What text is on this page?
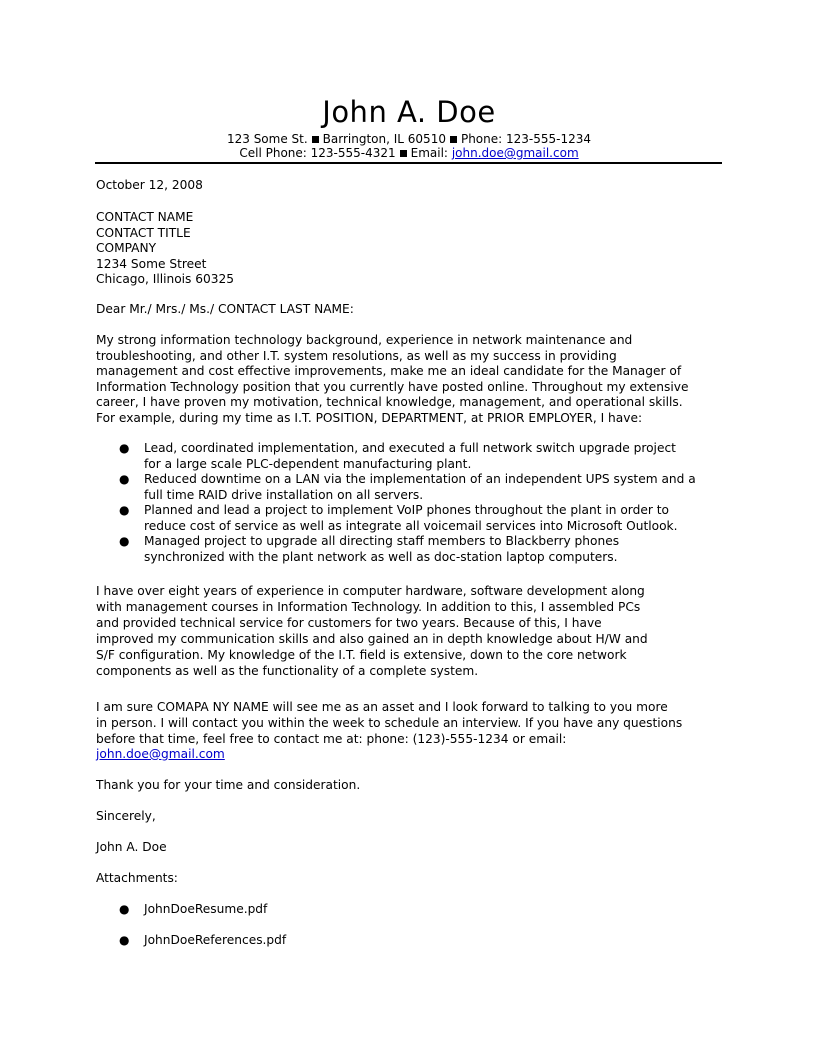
John A. Doe
123 Some St. Barrington, IL 60510 Phone: 123-555-1234
Cell Phone: 123-555-4321 Email: john.doe@gmail.com
October 12, 2008
CONTACT NAME
CONTACT TITLE
COMPANY
1234 Some Street
Chicago, Illinois 60325
Dear Mr./ Mrs./ Ms./ CONTACT LAST NAME:
My strong information technology background, experience in network maintenance and
troubleshooting, and other I.T. system resolutions, as well as my success in providing
management and cost effective improvements, make me an ideal candidate for the Manager of
Information Technology position that you currently have posted online. Throughout my extensive
career, I have proven my motivation, technical knowledge, management, and operational skills.
For example, during my time as I.T. POSITION, DEPARTMENT, at PRIOR EMPLOYER, I have:
● Lead, coordinated implementation, and executed a full network switch upgrade project
for a large scale PLC-dependent manufacturing plant.
● Reduced downtime on a LAN via the implementation of an independent UPS system and a
full time RAID drive installation on all servers.
● Planned and lead a project to implement VoIP phones throughout the plant in order to
reduce cost of service as well as integrate all voicemail services into Microsoft Outlook.
● Managed project to upgrade all directing staff members to Blackberry phones
synchronized with the plant network as well as doc-station laptop computers.
I have over eight years of experience in computer hardware, software development along
with management courses in Information Technology. In addition to this, I assembled PCs
and provided technical service for customers for two years. Because of this, I have
improved my communication skills and also gained an in depth knowledge about H/W and
S/F configuration. My knowledge of the I.T. field is extensive, down to the core network
components as well as the functionality of a complete system.
I am sure COMAPA NY NAME will see me as an asset and I look forward to talking to you more
in person. I will contact you within the week to schedule an interview. If you have any questions
before that time, feel free to contact me at: phone: (123)-555-1234 or email:
john.doe@gmail.com
Thank you for your time and consideration.
Sincerely,
John A. Doe
Attachments:
● JohnDoeResume.pdf
● JohnDoeReferences.pdf
